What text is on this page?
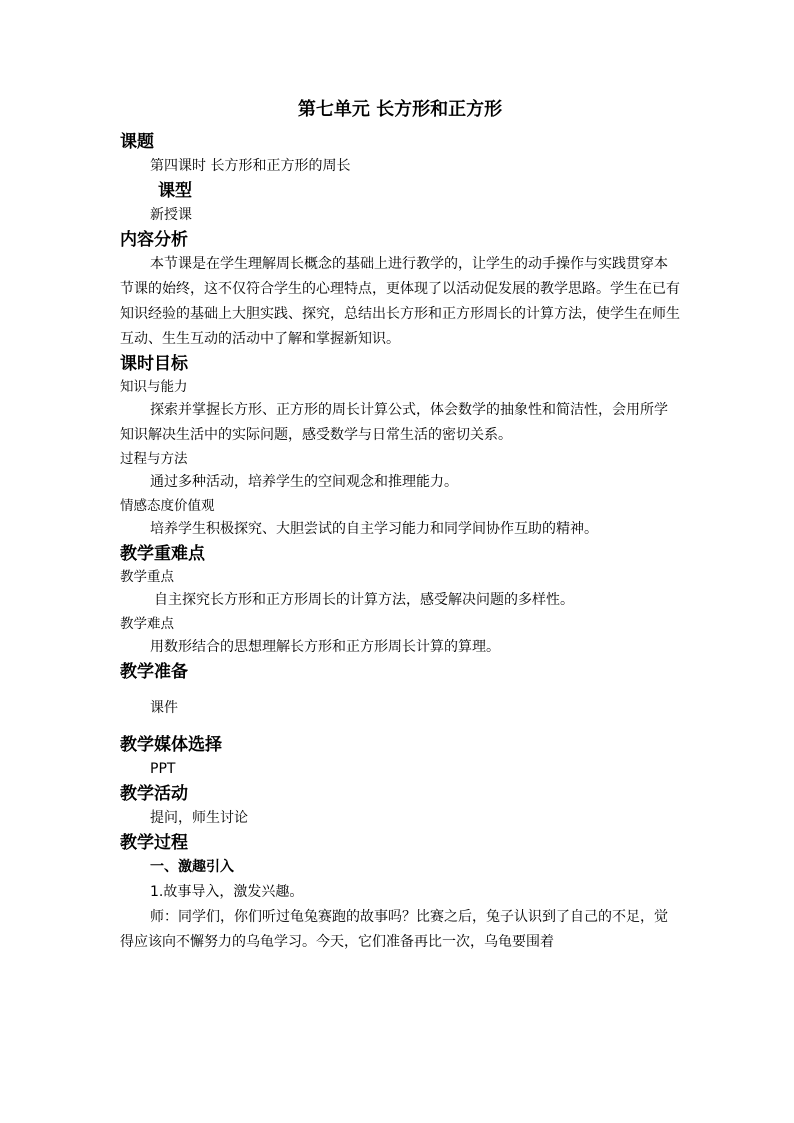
第七单元 长方形和正方形
课题
第四课时 长方形和正方形的周长
课型
新授课
内容分析
本节课是在学生理解周长概念的基础上进行教学的，让学生的动手操作与实践贯穿本节课的始终，这不仅符合学生的心理特点，更体现了以活动促发展的教学思路。学生在已有知识经验的基础上大胆实践、探究，总结出长方形和正方形周长的计算方法，使学生在师生互动、生生互动的活动中了解和掌握新知识。
课时目标
知识与能力
探索并掌握长方形、正方形的周长计算公式，体会数学的抽象性和简洁性，会用所学知识解决生活中的实际问题，感受数学与日常生活的密切关系。
过程与方法
通过多种活动，培养学生的空间观念和推理能力。
情感态度价值观
培养学生积极探究、大胆尝试的自主学习能力和同学间协作互助的精神。
教学重难点
教学重点
自主探究长方形和正方形周长的计算方法，感受解决问题的多样性。
教学难点
用数形结合的思想理解长方形和正方形周长计算的算理。
教学准备
课件
教学媒体选择
PPT
教学活动
提问，师生讨论
教学过程
一、激趣引入
1.故事导入，激发兴趣。
师：同学们，你们听过龟兔赛跑的故事吗？比赛之后，兔子认识到了自己的不足，觉得应该向不懈努力的乌龟学习。今天，它们准备再比一次，乌龟要围着
